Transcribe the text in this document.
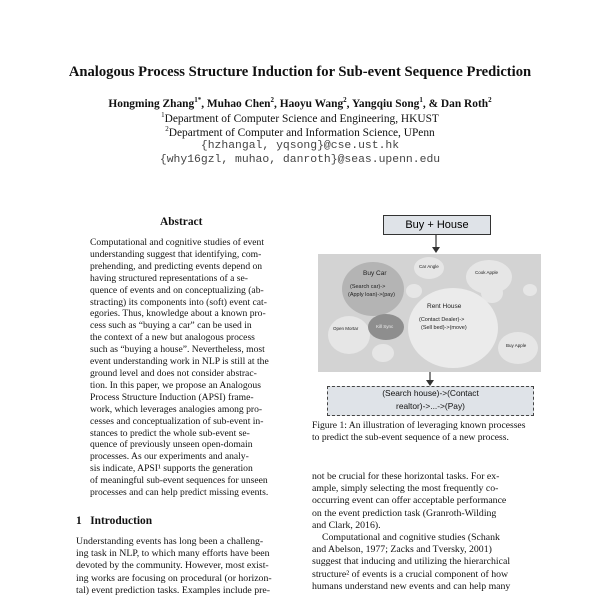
Analogous Process Structure Induction for Sub-event Sequence Prediction
Hongming Zhang$^{1*}$, Muhao Chen$^2$, Haoyu Wang$^2$, Yangqiu Song$^1$, & Dan Roth$^2$
$^1$Department of Computer Science and Engineering, HKUST
$^2$Department of Computer and Information Science, UPenn
{hzhangal, yqsong}@cse.ust.hk
{why16gzl, muhao, danroth}@seas.upenn.edu
Abstract
Computational and cognitive studies of event
understanding suggest that identifying, com-
prehending, and predicting events depend on
having structured representations of a se-
quence of events and on conceptualizing (ab-
stracting) its components into (soft) event cat-
egories. Thus, knowledge about a known pro-
cess such as “buying a car” can be used in
the context of a new but analogous process
such as “buying a house”. Nevertheless, most
event understanding work in NLP is still at the
ground level and does not consider abstrac-
tion. In this paper, we propose an Analogous
Process Structure Induction (APSI) frame-
work, which leverages analogies among pro-
cesses and conceptualization of sub-event in-
stances to predict the whole sub-event se-
quence of previously unseen open-domain
processes. As our experiments and analy-
sis indicate, APSI¹ supports the generation
of meaningful sub-event sequences for unseen
processes and can help predict missing events.
1 Introduction
Understanding events has long been a challeng-
ing task in NLP, to which many efforts have been
devoted by the community. However, most exist-
ing works are focusing on procedural (or horizon-
tal) event prediction tasks. Examples include pre-
Buy + House
Buy Car
(Search car)->
(Apply loan)->(pay)
Car Angle
Cook Apple
Open Mortar	Kill Sync
Rent House
(Contact Dealer)->
(Sell bed)->(move)
Buy Apple
(Search house)->(Contact
realtor)->...->(Pay)
Figure 1: An illustration of leveraging known processes
to predict the sub-event sequence of a new process.
not be crucial for these horizontal tasks. For ex-
ample, simply selecting the most frequently co-
occurring event can offer acceptable performance
on the event prediction task (Granroth-Wilding
and Clark, 2016).
Computational and cognitive studies (Schank
and Abelson, 1977; Zacks and Tversky, 2001)
suggest that inducing and utilizing the hierarchical
structure² of events is a crucial component of how
humans understand new events and can help many
